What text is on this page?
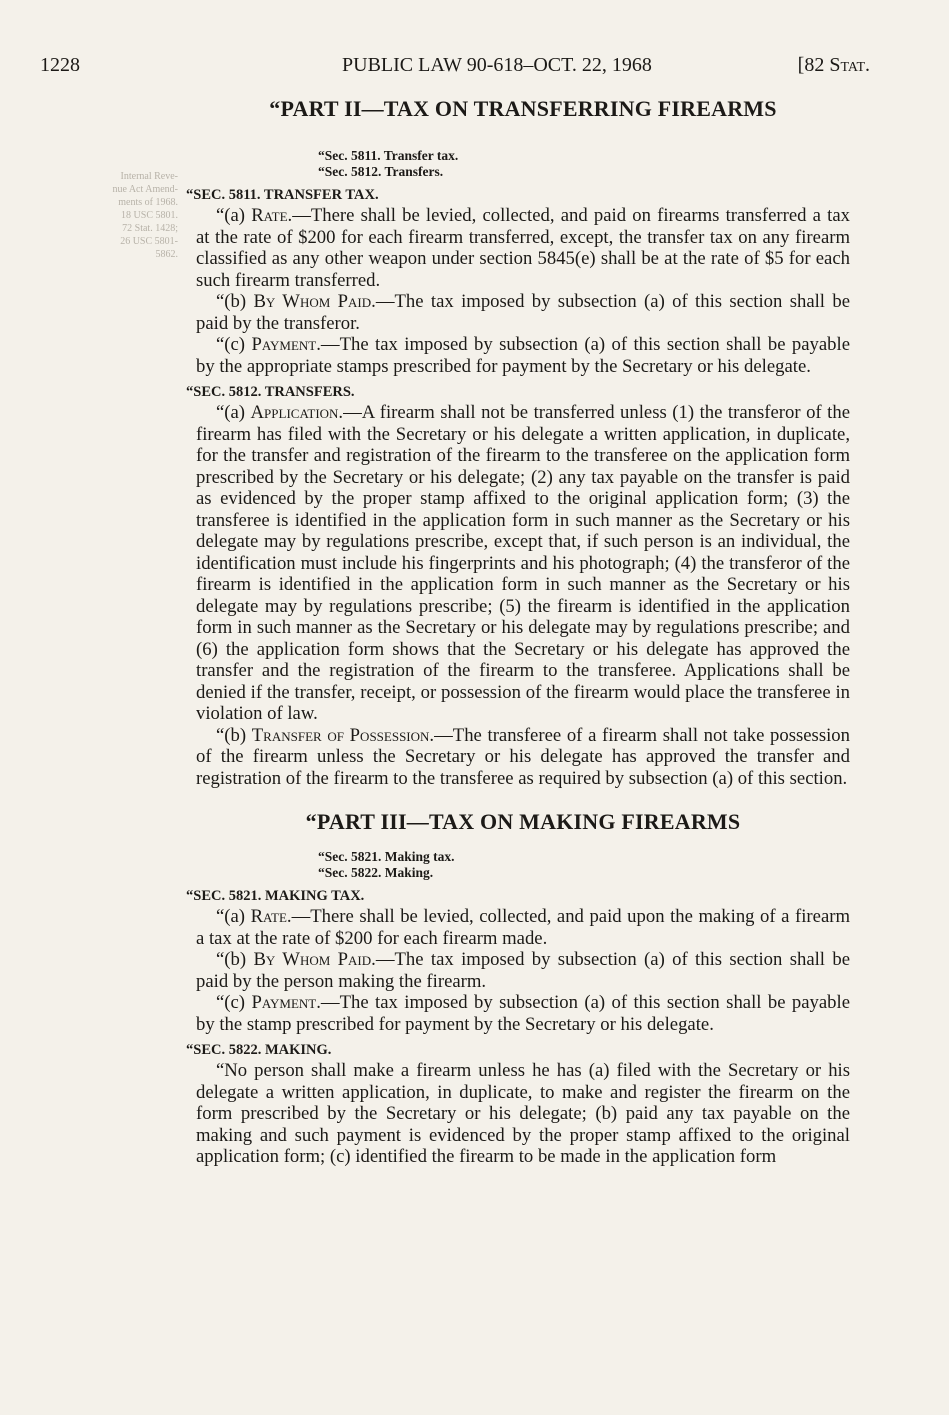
1228	PUBLIC LAW 90-618–OCT. 22, 1968	[82 Stat.
Internal Reve-
nue Act Amend-
ments of 1968.
18 USC 5801.
72 Stat. 1428;
26 USC 5801-
5862.
“PART II—TAX ON TRANSFERRING FIREARMS
“Sec. 5811. Transfer tax.
“Sec. 5812. Transfers.
“SEC. 5811. TRANSFER TAX.

“(a) Rate.—There shall be levied, collected, and paid on firearms transferred a tax at the rate of $200 for each firearm transferred, except, the transfer tax on any firearm classified as any other weapon under section 5845(e) shall be at the rate of $5 for each such firearm transferred.

“(b) By Whom Paid.—The tax imposed by subsection (a) of this section shall be paid by the transferor.

“(c) Payment.—The tax imposed by subsection (a) of this section shall be payable by the appropriate stamps prescribed for payment by the Secretary or his delegate.

“SEC. 5812. TRANSFERS.

“(a) Application.—A firearm shall not be transferred unless (1) the transferor of the firearm has filed with the Secretary or his delegate a written application, in duplicate, for the transfer and registration of the firearm to the transferee on the application form prescribed by the Secretary or his delegate; (2) any tax payable on the transfer is paid as evidenced by the proper stamp affixed to the original application form; (3) the transferee is identified in the application form in such manner as the Secretary or his delegate may by regulations prescribe, except that, if such person is an individual, the identification must include his fingerprints and his photograph; (4) the transferor of the firearm is identified in the application form in such manner as the Secretary or his delegate may by regulations prescribe; (5) the firearm is identified in the application form in such manner as the Secretary or his delegate may by regulations prescribe; and (6) the application form shows that the Secretary or his delegate has approved the transfer and the registration of the firearm to the transferee. Applications shall be denied if the transfer, receipt, or possession of the firearm would place the transferee in violation of law.

“(b) Transfer of Possession.—The transferee of a firearm shall not take possession of the firearm unless the Secretary or his delegate has approved the transfer and registration of the firearm to the transferee as required by subsection (a) of this section.

“PART III—TAX ON MAKING FIREARMS
“Sec. 5821. Making tax.
“Sec. 5822. Making.
“SEC. 5821. MAKING TAX.

“(a) Rate.—There shall be levied, collected, and paid upon the making of a firearm a tax at the rate of $200 for each firearm made.

“(b) By Whom Paid.—The tax imposed by subsection (a) of this section shall be paid by the person making the firearm.

“(c) Payment.—The tax imposed by subsection (a) of this section shall be payable by the stamp prescribed for payment by the Secretary or his delegate.

“SEC. 5822. MAKING.

“No person shall make a firearm unless he has (a) filed with the Secretary or his delegate a written application, in duplicate, to make and register the firearm on the form prescribed by the Secretary or his delegate; (b) paid any tax payable on the making and such payment is evidenced by the proper stamp affixed to the original application form; (c) identified the firearm to be made in the application form
